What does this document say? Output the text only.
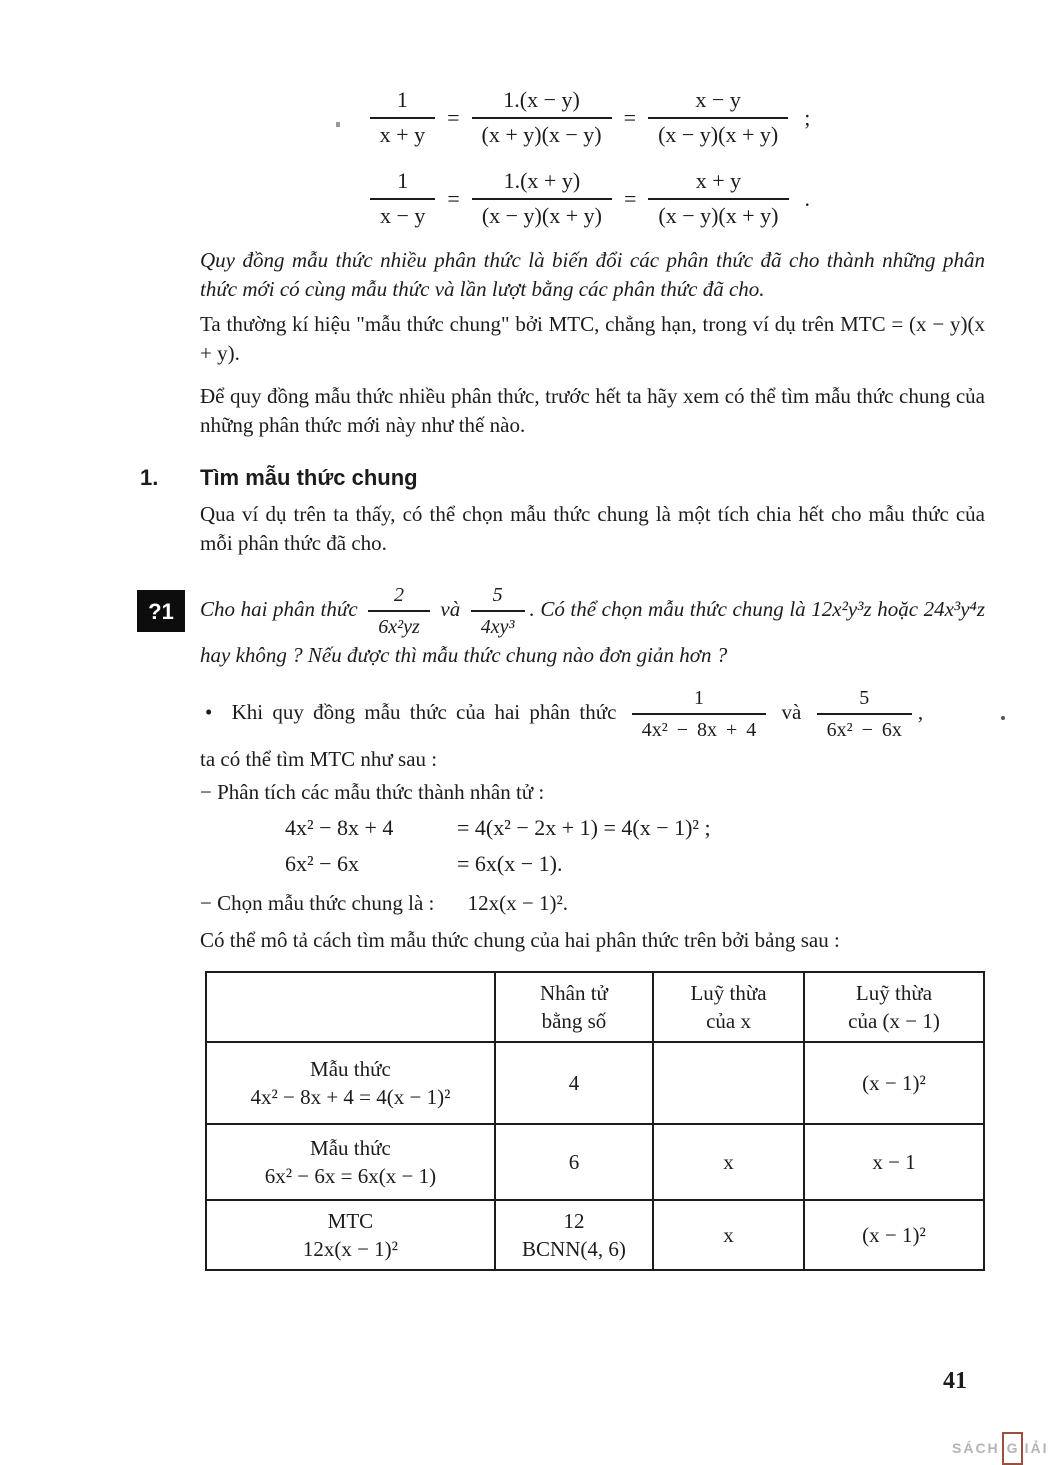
$\frac{1}{x + y} = \frac{1.(x - y)}{(x + y)(x - y)} = \frac{x - y}{(x - y)(x + y)}$ ;
$\frac{1}{x - y} = \frac{1.(x + y)}{(x - y)(x + y)} = \frac{x + y}{(x - y)(x + y)}$ .

Quy đồng mẫu thức nhiều phân thức là biến đổi các phân thức đã cho thành những phân thức mới có cùng mẫu thức và lần lượt bằng các phân thức đã cho.

Ta thường kí hiệu "mẫu thức chung" bởi MTC, chẳng hạn, trong ví dụ trên MTC = (x − y)(x + y).

Để quy đồng mẫu thức nhiều phân thức, trước hết ta hãy xem có thể tìm mẫu thức chung của những phân thức mới này như thế nào.

1.	Tìm mẫu thức chung

Qua ví dụ trên ta thấy, có thể chọn mẫu thức chung là một tích chia hết cho mẫu thức của mỗi phân thức đã cho.

?1	Cho hai phân thức $\frac{2}{\text{6x²yz}}$ và $\frac{5}{\text{4xy³}}$ . Có thể chọn mẫu thức chung là 12x²y³z hoặc 24x³y⁴z hay không ? Nếu được thì mẫu thức chung nào đơn giản hơn ?
• Khi quy đồng mẫu thức của hai phân thức $\frac{1}{\text{4x² − 8x + 4}}$ và $\frac{5}{\text{6x² − 6x}}$ ,

ta có thể tìm MTC như sau :

− Phân tích các mẫu thức thành nhân tử :

4x² − 8x + 4	= 4(x² − 2x + 1) = 4(x − 1)² ;
6x² − 6x	= 6x(x − 1).

− Chọn mẫu thức chung là : 12x(x − 1)².

Có thể mô tả cách tìm mẫu thức chung của hai phân thức trên bởi bảng sau :

	Nhân tử
bằng số	Luỹ thừa
của x	Luỹ thừa
của (x − 1)

Mẫu thức
4x² − 8x + 4 = 4(x − 1)²	4		(x − 1)²

Mẫu thức
6x² − 6x = 6x(x − 1)	6	x	x − 1

MTC
12x(x − 1)²	12
BCNN(4, 6)	x	(x − 1)²
41
SÁCH G IẢI
